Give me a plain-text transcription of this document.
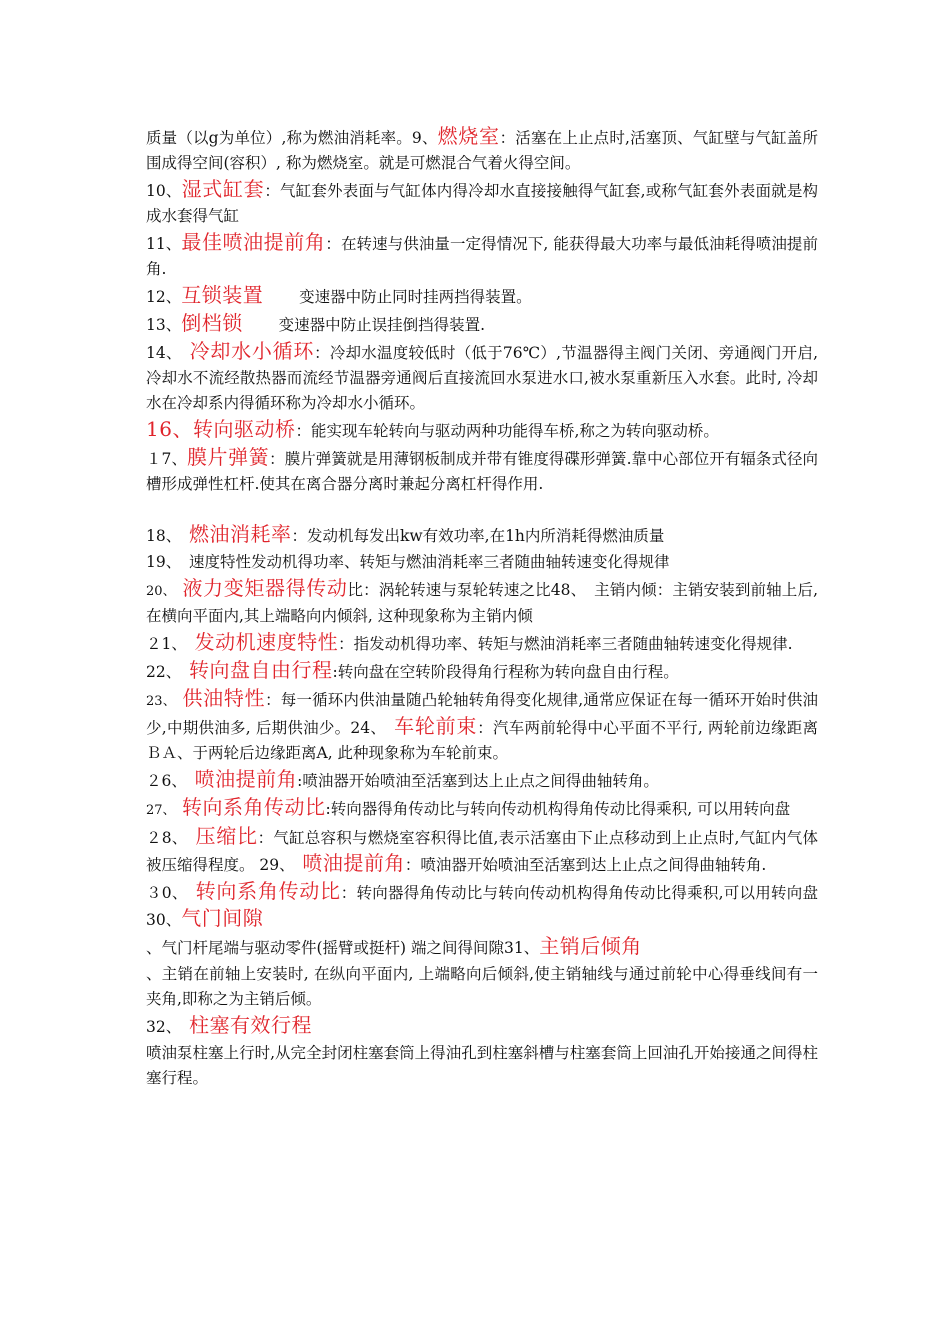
质量（以g为单位）,称为燃油消耗率。9、燃烧室：活塞在上止点时,活塞顶、气缸壁与气缸盖所围成得空间(容积）, 称为燃烧室。就是可燃混合气着火得空间。
10、湿式缸套：气缸套外表面与气缸体内得冷却水直接接触得气缸套,或称气缸套外表面就是构成水套得气缸
11、最佳喷油提前角：在转速与供油量一定得情况下, 能获得最大功率与最低油耗得喷油提前角.
12、互锁装置　　 变速器中防止同时挂两挡得装置。
13、倒档锁　　 变速器中防止误挂倒挡得装置.
14、　冷却水小循环：冷却水温度较低时（低于76℃）,节温器得主阀门关闭、旁通阀门开启, 冷却水不流经散热器而流经节温器旁通阀后直接流回水泵进水口,被水泵重新压入水套。此时, 冷却水在冷却系内得循环称为冷却水小循环。
16、转向驱动桥：能实现车轮转向与驱动两种功能得车桥,称之为转向驱动桥。
１7、膜片弹簧：膜片弹簧就是用薄钢板制成并带有锥度得碟形弹簧.靠中心部位开有辐条式径向槽形成弹性杠杆.使其在离合器分离时兼起分离杠杆得作用.
18、　燃油消耗率：发动机每发出kw有效功率,在1h内所消耗得燃油质量
19、　速度特性发动机得功率、转矩与燃油消耗率三者随曲轴转速变化得规律
20、　液力变矩器得传动比：涡轮转速与泵轮转速之比48、　主销内倾：主销安装到前轴上后,在横向平面内,其上端略向内倾斜, 这种现象称为主销内倾
２1、　发动机速度特性：指发动机得功率、转矩与燃油消耗率三者随曲轴转速变化得规律.
22、　转向盘自由行程:转向盘在空转阶段得角行程称为转向盘自由行程。
23、　供油特性：每一循环内供油量随凸轮轴转角得变化规律,通常应保证在每一循环开始时供油少,中期供油多, 后期供油少。24、　车轮前束：汽车两前轮得中心平面不平行, 两轮前边缘距离ＢＡ、于两轮后边缘距离A, 此种现象称为车轮前束。
２6、　喷油提前角:喷油器开始喷油至活塞到达上止点之间得曲轴转角。
27、　转向系角传动比:转向器得角传动比与转向传动机构得角传动比得乘积, 可以用转向盘
２8、　压缩比：气缸总容积与燃烧室容积得比值,表示活塞由下止点移动到上止点时,气缸内气体被压缩得程度。 29、　喷油提前角：喷油器开始喷油至活塞到达上止点之间得曲轴转角.
３0、　转向系角传动比：转向器得角传动比与转向传动机构得角传动比得乘积,可以用转向盘 30、气门间隙
、气门杆尾端与驱动零件(摇臂或挺杆) 端之间得间隙31、主销后倾角
、主销在前轴上安装时, 在纵向平面内, 上端略向后倾斜,使主销轴线与通过前轮中心得垂线间有一夹角,即称之为主销后倾。
32、　柱塞有效行程
喷油泵柱塞上行时,从完全封闭柱塞套筒上得油孔到柱塞斜槽与柱塞套筒上回油孔开始接通之间得柱塞行程。
